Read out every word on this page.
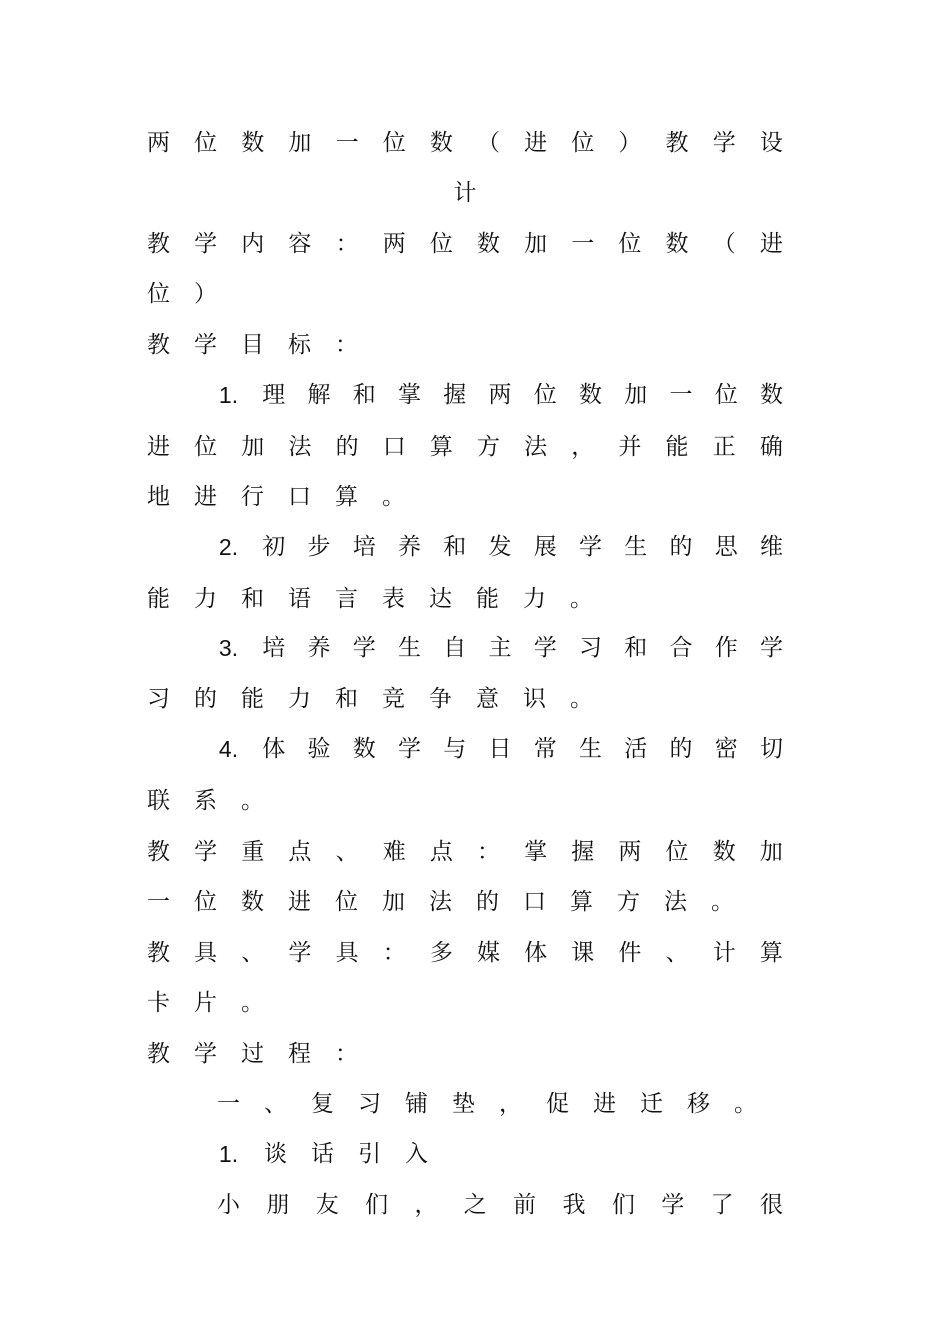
两 位 数 加 一 位 数 （ 进 位 ） 教 学 设
计
教 学 内 容 ： 两 位 数 加 一 位 数 （ 进
位 ）
教 学 目 标 ：
1. 理 解 和 掌 握 两 位 数 加 一 位 数
进 位 加 法 的 口 算 方 法 ， 并 能 正 确
地 进 行 口 算 。
2. 初 步 培 养 和 发 展 学 生 的 思 维
能 力 和 语 言 表 达 能 力 。
3. 培 养 学 生 自 主 学 习 和 合 作 学
习 的 能 力 和 竞 争 意 识 。
4. 体 验 数 学 与 日 常 生 活 的 密 切
联 系 。
教 学 重 点 、 难 点 ： 掌 握 两 位 数 加
一 位 数 进 位 加 法 的 口 算 方 法 。
教 具 、 学 具 ： 多 媒 体 课 件 、 计 算
卡 片 。
教 学 过 程 ：
一 、 复 习 铺 垫 ， 促 进 迁 移 。
1. 谈 话 引 入
小 朋 友 们 ， 之 前 我 们 学 了 很
